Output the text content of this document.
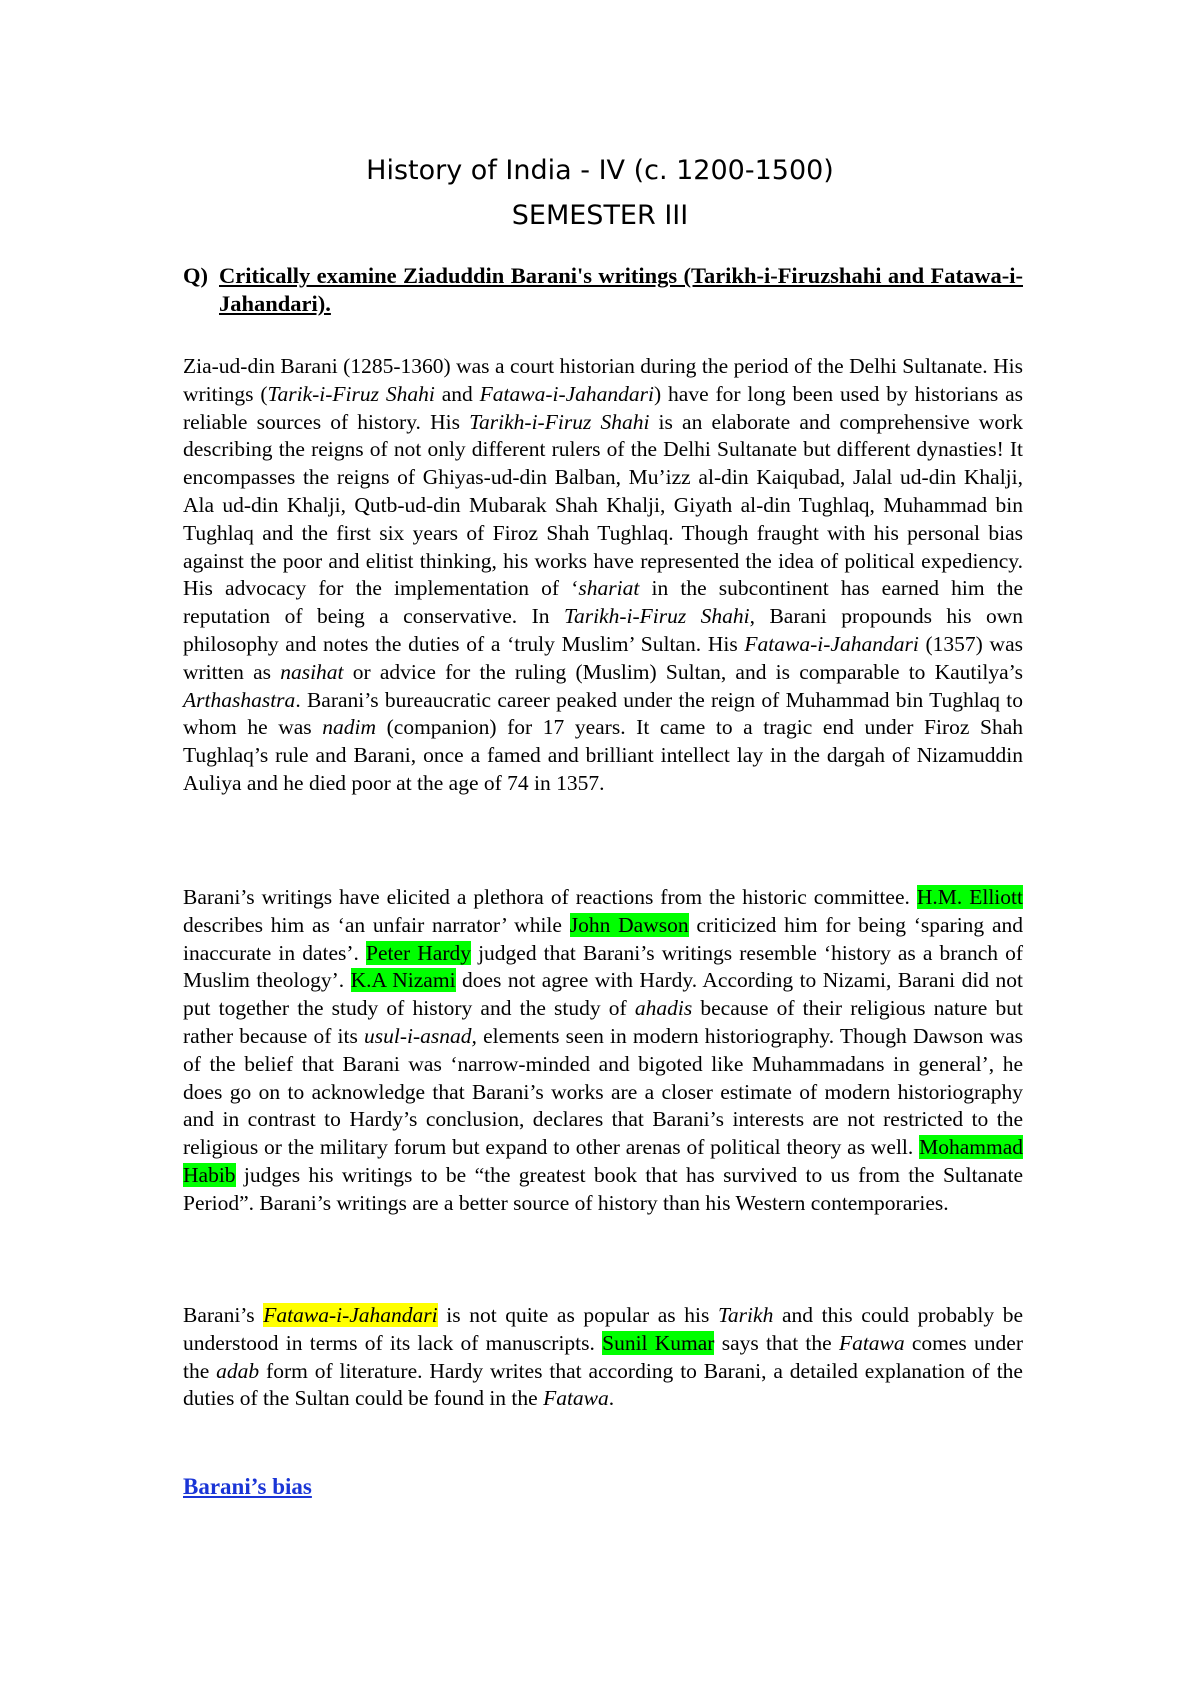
History of India - IV (c. 1200-1500)
SEMESTER III
Q) Critically examine Ziaduddin Barani's writings (Tarikh-i-Firuzshahi and Fatawa-i-Jahandari).

Zia-ud-din Barani (1285-1360) was a court historian during the period of the Delhi Sultanate. His writings (Tarik-i-Firuz Shahi and Fatawa-i-Jahandari) have for long been used by historians as reliable sources of history. His Tarikh-i-Firuz Shahi is an elaborate and comprehensive work describing the reigns of not only different rulers of the Delhi Sultanate but different dynasties! It encompasses the reigns of Ghiyas-ud-din Balban, Mu’izz al-din Kaiqubad, Jalal ud-din Khalji, Ala ud-din Khalji, Qutb-ud-din Mubarak Shah Khalji, Giyath al-din Tughlaq, Muhammad bin Tughlaq and the first six years of Firoz Shah Tughlaq. Though fraught with his personal bias against the poor and elitist thinking, his works have represented the idea of political expediency. His advocacy for the implementation of ‘shariat in the subcontinent has earned him the reputation of being a conservative. In Tarikh-i-Firuz Shahi, Barani propounds his own philosophy and notes the duties of a ‘truly Muslim’ Sultan. His Fatawa-i-Jahandari (1357) was written as nasihat or advice for the ruling (Muslim) Sultan, and is comparable to Kautilya’s Arthashastra. Barani’s bureaucratic career peaked under the reign of Muhammad bin Tughlaq to whom he was nadim (companion) for 17 years. It came to a tragic end under Firoz Shah Tughlaq’s rule and Barani, once a famed and brilliant intellect lay in the dargah of Nizamuddin Auliya and he died poor at the age of 74 in 1357.

Barani’s writings have elicited a plethora of reactions from the historic committee. H.M. Elliott describes him as ‘an unfair narrator’ while John Dawson criticized him for being ‘sparing and inaccurate in dates’. Peter Hardy judged that Barani’s writings resemble ‘history as a branch of Muslim theology’. K.A Nizami does not agree with Hardy. According to Nizami, Barani did not put together the study of history and the study of ahadis because of their religious nature but rather because of its usul-i-asnad, elements seen in modern historiography. Though Dawson was of the belief that Barani was ‘narrow-minded and bigoted like Muhammadans in general’, he does go on to acknowledge that Barani’s works are a closer estimate of modern historiography and in contrast to Hardy’s conclusion, declares that Barani’s interests are not restricted to the religious or the military forum but expand to other arenas of political theory as well. Mohammad Habib judges his writings to be “the greatest book that has survived to us from the Sultanate Period”. Barani’s writings are a better source of history than his Western contemporaries.

Barani’s Fatawa-i-Jahandari is not quite as popular as his Tarikh and this could probably be understood in terms of its lack of manuscripts. Sunil Kumar says that the Fatawa comes under the adab form of literature. Hardy writes that according to Barani, a detailed explanation of the duties of the Sultan could be found in the Fatawa.

Barani’s bias
